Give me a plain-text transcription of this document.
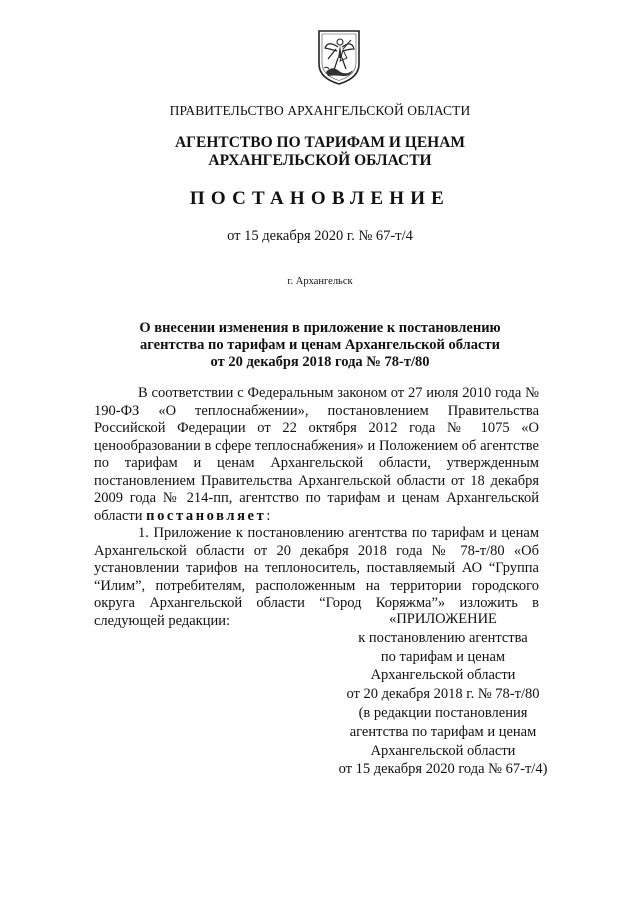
ПРАВИТЕЛЬСТВО АРХАНГЕЛЬСКОЙ ОБЛАСТИ
АГЕНТСТВО ПО ТАРИФАМ И ЦЕНАМ
АРХАНГЕЛЬСКОЙ ОБЛАСТИ
ПОСТАНОВЛЕНИЕ
от 15 декабря 2020 г. № 67-т/4
г. Архангельск
О внесении изменения в приложение к постановлению
агентства по тарифам и ценам Архангельской области
от 20 декабря 2018 года № 78-т/80

В соответствии с Федеральным законом от 27 июля 2010 года № 190-ФЗ «О теплоснабжении», постановлением Правительства Российской Федерации от 22 октября 2012 года № 1075 «О ценообразовании в сфере теплоснабжения» и Положением об агентстве по тарифам и ценам Архангельской области, утвержденным постановлением Правительства Архангельской области от 18 декабря 2009 года № 214-пп, агентство по тарифам и ценам Архангельской области постановляет:

1. Приложение к постановлению агентства по тарифам и ценам Архангельской области от 20 декабря 2018 года № 78-т/80 «Об установлении тарифов на теплоноситель, поставляемый АО “Группа “Илим”, потребителям, расположенным на территории городского округа Архангельской области “Город Коряжма”» изложить в следующей редакции:	«ПРИЛОЖЕНИЕ
к постановлению агентства
по тарифам и ценам
Архангельской области
от 20 декабря 2018 г. № 78-т/80
(в редакции постановления
агентства по тарифам и ценам
Архангельской области
от 15 декабря 2020 года № 67-т/4)
